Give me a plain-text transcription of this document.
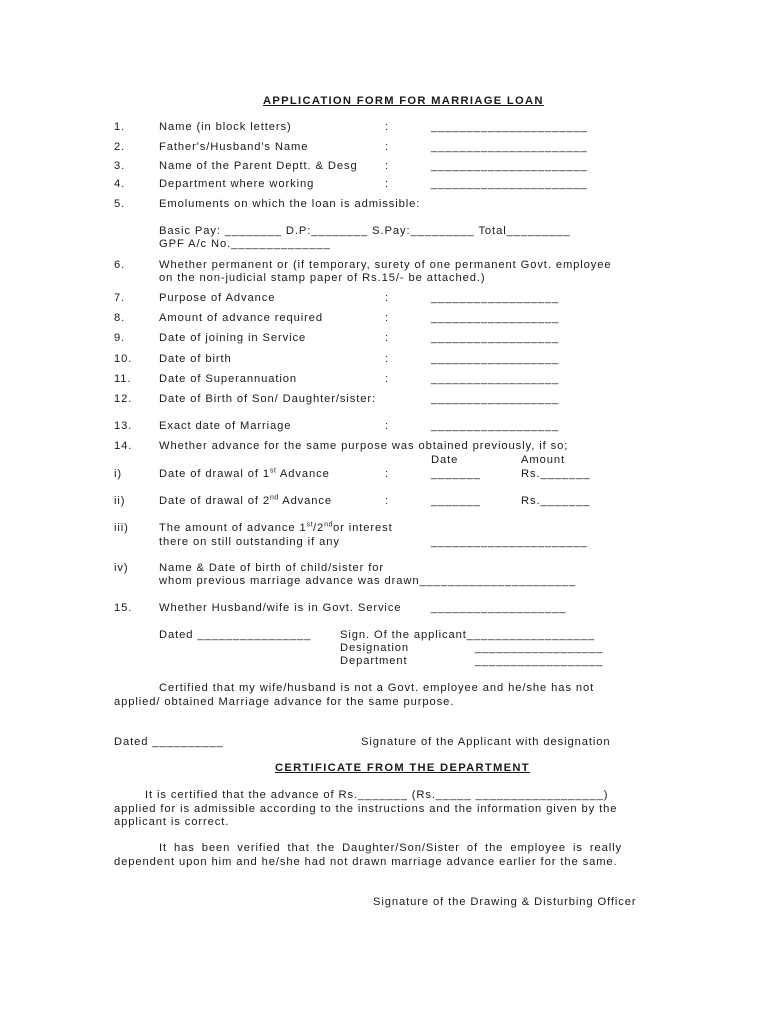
APPLICATION FORM FOR MARRIAGE LOAN
1.	Name (in block letters)	:	______________________
2.	Father's/Husband's Name	:	______________________
3.	Name of the Parent Deptt. & Desg :	______________________
4.	Department where working	:	______________________
5.	Emoluments on which the loan is admissible:
Basic Pay: ________ D.P:________ S.Pay:_________ Total_________
GPF A/c No.______________
6.	Whether permanent or (if temporary, surety of one permanent Govt. employee
on the non-judicial stamp paper of Rs.15/- be attached.)
7.	Purpose of Advance	:	__________________
8.	Amount of advance required	:	__________________
9.	Date of joining in Service	:	__________________
10. Date of birth	:	__________________
11. Date of Superannuation	:	__________________
12. Date of Birth of Son/ Daughter/sister:	__________________
13. Exact date of Marriage	:	__________________
14. Whether advance for the same purpose was obtained previously, if so;
Date	Amount
i)	Date of drawal of 1st Advance	:	_______	Rs._______
ii)	Date of drawal of 2nd Advance	:	_______	Rs._______
iii)	The amount of advance 1st/2ndor interest
there on still outstanding if any	______________________
iv)	Name & Date of birth of child/sister for
whom previous marriage advance was drawn______________________
15. Whether Husband/wife is in Govt. Service	___________________
Dated ________________	Sign. Of the applicant__________________
Designation	__________________
Department	__________________
Certified that my wife/husband is not a Govt. employee and he/she has not
applied/ obtained Marriage advance for the same purpose.
Dated __________	Signature of the Applicant with designation
CERTIFICATE FROM THE DEPARTMENT
It is certified that the advance of Rs._______ (Rs._____ __________________)
applied for is admissible according to the instructions and the information given by the
applicant is correct.
It has been verified that the Daughter/Son/Sister of the employee is really
dependent upon him and he/she had not drawn marriage advance earlier for the same.
Signature of the Drawing & Disturbing Officer
